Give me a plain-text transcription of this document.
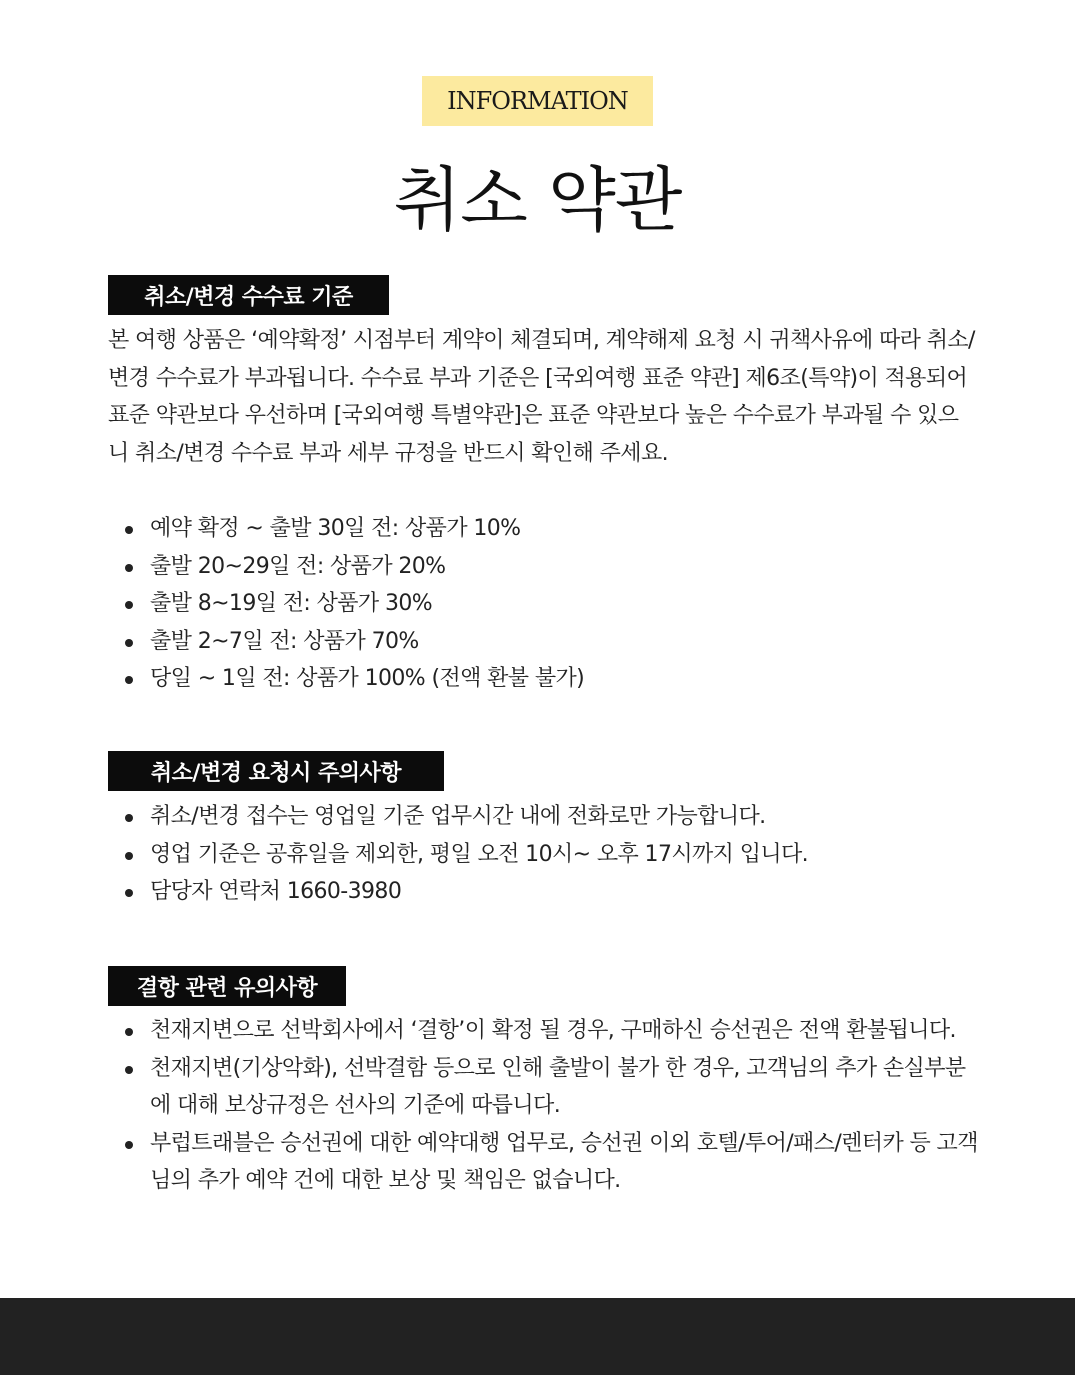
INFORMATION
취소 약관
취소/변경 수수료 기준

본 여행 상품은 ‘예약확정’ 시점부터 계약이 체결되며, 계약해제 요청 시 귀책사유에 따라 취소/변경 수수료가 부과됩니다. 수수료 부과 기준은 [국외여행 표준 약관] 제6조(특약)이 적용되어 표준 약관보다 우선하며 [국외여행 특별약관]은 표준 약관보다 높은 수수료가 부과될 수 있으니 취소/변경 수수료 부과 세부 규정을 반드시 확인해 주세요.

예약 확정 ~ 출발 30일 전: 상품가 10%
출발 20~29일 전: 상품가 20%
출발 8~19일 전: 상품가 30%
출발 2~7일 전: 상품가 70%
당일 ~ 1일 전: 상품가 100% (전액 환불 불가)
취소/변경 요청시 주의사항
취소/변경 접수는 영업일 기준 업무시간 내에 전화로만 가능합니다.
영업 기준은 공휴일을 제외한, 평일 오전 10시~ 오후 17시까지 입니다.
담당자 연락처 1660-3980
결항 관련 유의사항
천재지변으로 선박회사에서 ‘결항’이 확정 될 경우, 구매하신 승선권은 전액 환불됩니다.
천재지변(기상악화), 선박결함 등으로 인해 출발이 불가 한 경우, 고객님의 추가 손실부분에 대해 보상규정은 선사의 기준에 따릅니다.
부럽트래블은 승선권에 대한 예약대행 업무로, 승선권 이외 호텔/투어/패스/렌터카 등 고객님의 추가 예약 건에 대한 보상 및 책임은 없습니다.
